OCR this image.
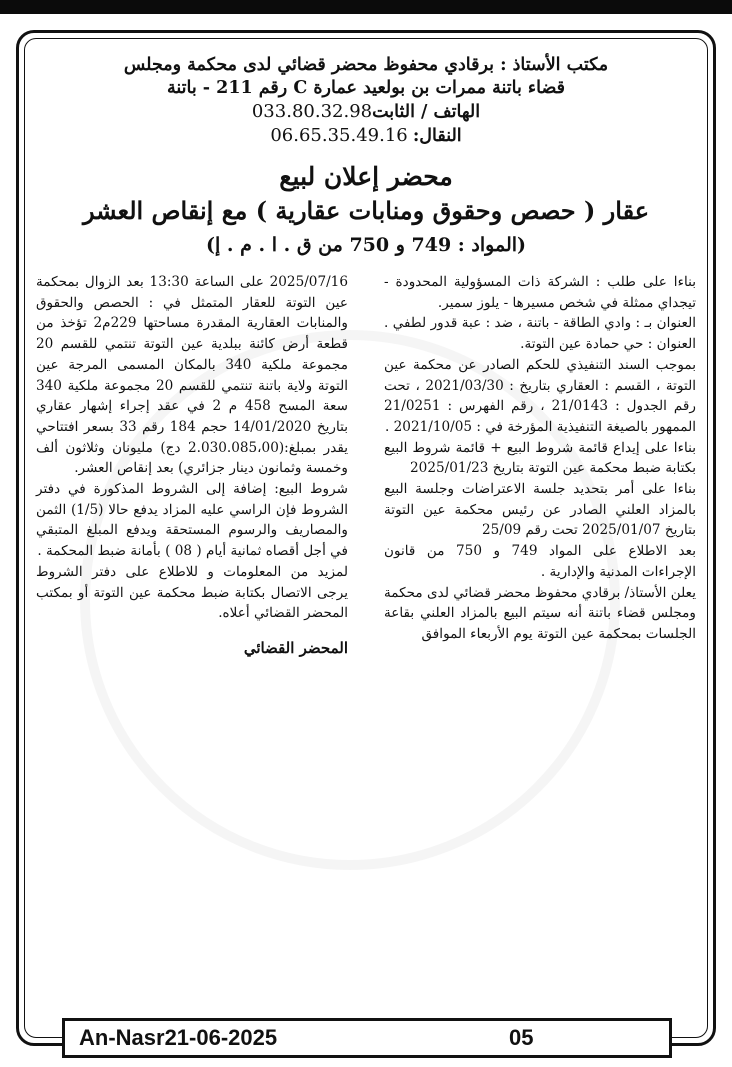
مكتب الأستاذ : برقادي محفوظ محضر قضائي لدى محكمة ومجلس
قضاء باتنة ممرات بن بولعيد عمارة C رقم 211 - باتنة
الهاتف / الثابت033.80.32.98
النقال: 06.65.35.49.16
محضر إعلان لبيع
عقار ( حصص وحقوق ومنابات عقارية ) مع إنقاص العشر
(المواد : 749 و 750 من ق . ا . م . إ)

بناءا على طلب : الشركة ذات المسؤولية المحدودة - تيجداي ممثلة في شخص مسيرها - يلوز سمير.

العنوان بـ : وادي الطاقة - باتنة ، ضد : عبة قدور لطفي . العنوان : حي حمادة عين التوتة.

بموجب السند التنفيذي للحكم الصادر عن محكمة عين التوتة ، القسم : العقاري بتاريخ : 2021/03/30 ، تحت رقم الجدول : 21/0143 ، رقم الفهرس : 21/0251 الممهور بالصيغة التنفيذية المؤرخة في : 2021/10/05 .

بناءا على إيداع قائمة شروط البيع + قائمة شروط البيع بكتابة ضبط محكمة عين التوتة بتاريخ 2025/01/23

بناءا على أمر بتحديد جلسة الاعتراضات وجلسة البيع بالمزاد العلني الصادر عن رئيس محكمة عين التوتة بتاريخ 2025/01/07 تحت رقم 25/09

بعد الاطلاع على المواد 749 و 750 من قانون الإجراءات المدنية والإدارية .

يعلن الأستاذ/ برقادي محفوظ محضر قضائي لدى محكمة ومجلس قضاء باتنة أنه سيتم البيع بالمزاد العلني بقاعة الجلسات بمحكمة عين التوتة يوم الأربعاء الموافق

2025/07/16 على الساعة 13:30 بعد الزوال بمحكمة عين التوتة للعقار المتمثل في : الحصص والحقوق والمنابات العقارية المقدرة مساحتها 229م2 تؤخذ من قطعة أرض كائنة ببلدية عين التوتة تنتمي للقسم 20 مجموعة ملكية 340 بالمكان المسمى المرجة عين التوتة ولاية باتنة تنتمي للقسم 20 مجموعة ملكية 340 سعة المسح 458 م 2 في عقد إجراء إشهار عقاري بتاريخ 14/01/2020 حجم 184 رقم 33 بسعر افتتاحي يقدر بمبلغ:(2.030.085،00 دج) مليونان وثلاثون ألف وخمسة وثمانون دينار جزائري) بعد إنقاص العشر.

شروط البيع: إضافة إلى الشروط المذكورة في دفتر الشروط فإن الراسي عليه المزاد يدفع حالا (1/5) الثمن والمصاريف والرسوم المستحقة ويدفع المبلغ المتبقي في أجل أقصاه ثمانية أيام ( 08 ) بأمانة ضبط المحكمة .

لمزيد من المعلومات و للاطلاع على دفتر الشروط يرجى الاتصال بكتابة ضبط محكمة عين التوتة أو بمكتب المحضر القضائي أعلاه.

المحضر القضائي
An-Nasr21-06-2025	05
